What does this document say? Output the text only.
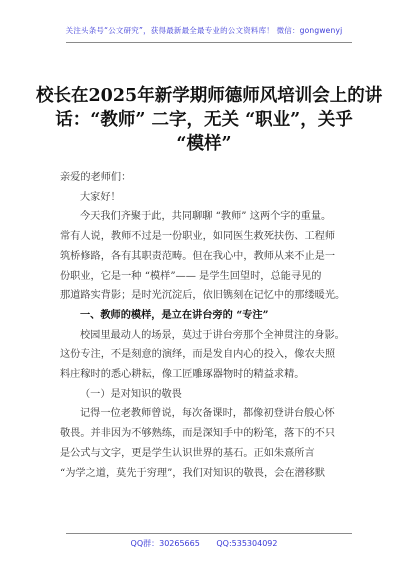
关注头条号“公文研究”，获得最新最全最专业的公文资料库！ 微信：gongwenyj
校长在2025年新学期师德师风培训会上的讲
话：“教师” 二字，无关 “职业”，关乎
“模样”

亲爱的老师们：

大家好！

今天我们齐聚于此，共同聊聊 “教师” 这两个字的重量。

常有人说，教师不过是一份职业，如同医生救死扶伤、工程师

筑桥修路，各有其职责范畴。但在我心中，教师从来不止是一

份职业，它是一种 “模样”—— 是学生回望时，总能寻见的

那道路实背影；是时光沉淀后，依旧镌刻在记忆中的那缕暖光。

一、教师的模样，是立在讲台旁的 “专注”

校园里最动人的场景，莫过于讲台旁那个全神贯注的身影。

这份专注，不是刻意的演绎，而是发自内心的投入，像农夫照

料庄稼时的悉心耕耘，像工匠雕琢器物时的精益求精。

（一）是对知识的敬畏

记得一位老教师曾说，每次备课时，都像初登讲台般心怀

敬畏。并非因为不够熟练，而是深知手中的粉笔，落下的不只

是公式与文字，更是学生认识世界的基石。正如朱熹所言

“为学之道，莫先于穷理”，我们对知识的敬畏，会在潜移默

QQ群：30265665 QQ:535304092
